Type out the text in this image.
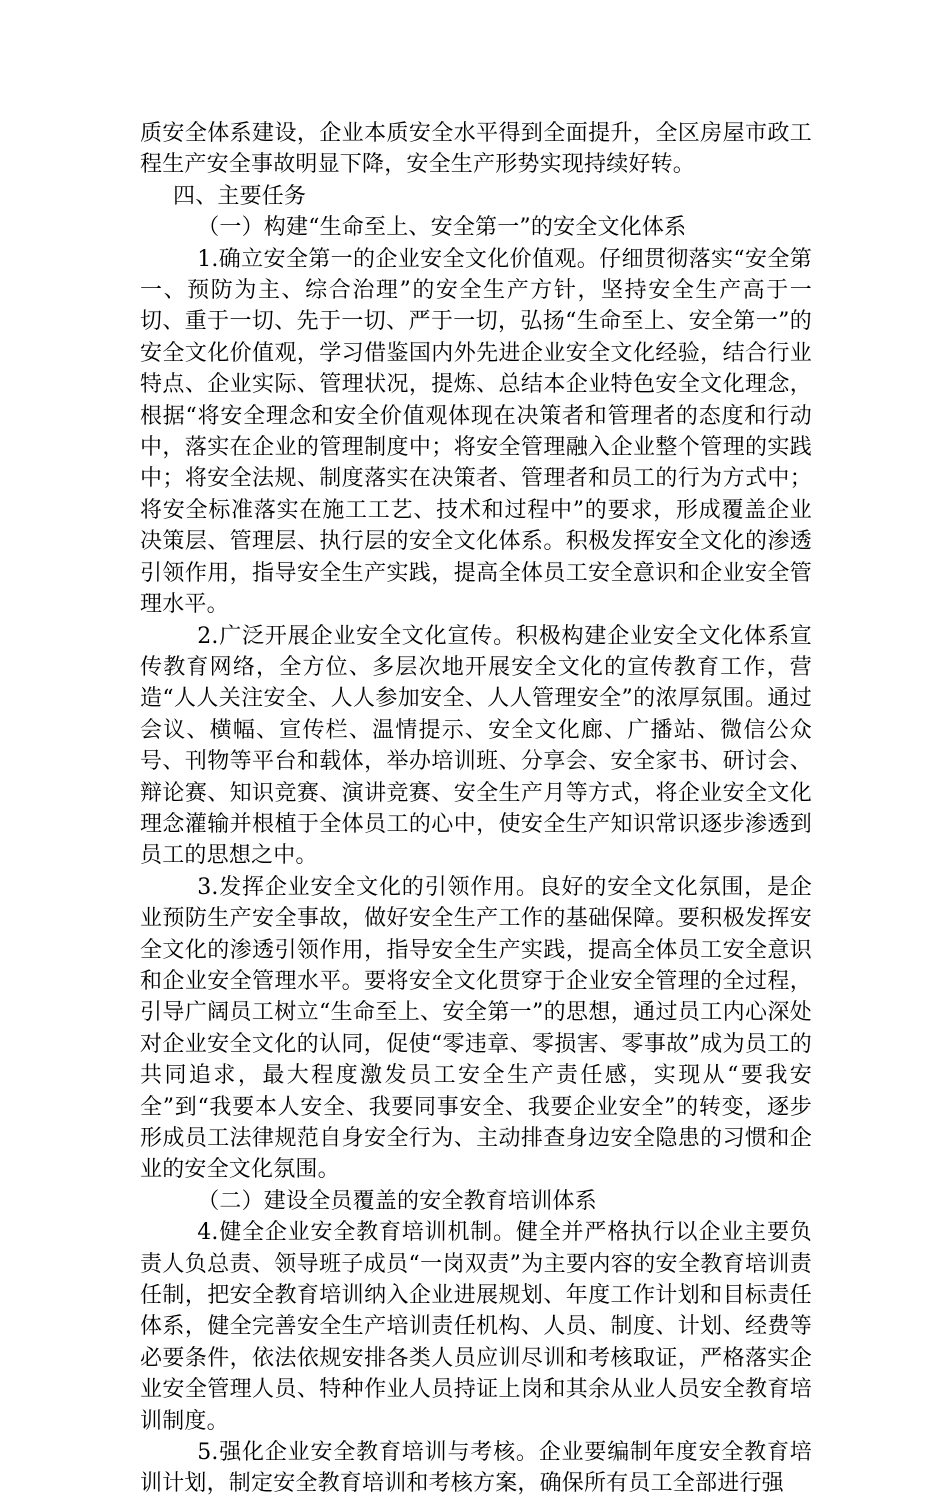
质安全体系建设，企业本质安全水平得到全面提升，全区房屋市政工程生产安全事故明显下降，安全生产形势实现持续好转。

四、主要任务

（一）构建“生命至上、安全第一”的安全文化体系

1.确立安全第一的企业安全文化价值观。仔细贯彻落实“安全第一、预防为主、综合治理”的安全生产方针，坚持安全生产高于一切、重于一切、先于一切、严于一切，弘扬“生命至上、安全第一”的安全文化价值观，学习借鉴国内外先进企业安全文化经验，结合行业特点、企业实际、管理状况，提炼、总结本企业特色安全文化理念，根据“将安全理念和安全价值观体现在决策者和管理者的态度和行动中，落实在企业的管理制度中；将安全管理融入企业整个管理的实践中；将安全法规、制度落实在决策者、管理者和员工的行为方式中；将安全标准落实在施工工艺、技术和过程中”的要求，形成覆盖企业决策层、管理层、执行层的安全文化体系。积极发挥安全文化的渗透引领作用，指导安全生产实践，提高全体员工安全意识和企业安全管理水平。

2.广泛开展企业安全文化宣传。积极构建企业安全文化体系宣传教育网络，全方位、多层次地开展安全文化的宣传教育工作，营造“人人关注安全、人人参加安全、人人管理安全”的浓厚氛围。通过会议、横幅、宣传栏、温情提示、安全文化廊、广播站、微信公众号、刊物等平台和载体，举办培训班、分享会、安全家书、研讨会、辩论赛、知识竞赛、演讲竞赛、安全生产月等方式，将企业安全文化理念灌输并根植于全体员工的心中，使安全生产知识常识逐步渗透到员工的思想之中。

3.发挥企业安全文化的引领作用。良好的安全文化氛围，是企业预防生产安全事故，做好安全生产工作的基础保障。要积极发挥安全文化的渗透引领作用，指导安全生产实践，提高全体员工安全意识和企业安全管理水平。要将安全文化贯穿于企业安全管理的全过程，引导广阔员工树立“生命至上、安全第一”的思想，通过员工内心深处对企业安全文化的认同，促使“零违章、零损害、零事故”成为员工的共同追求，最大程度激发员工安全生产责任感，实现从“要我安全”到“我要本人安全、我要同事安全、我要企业安全”的转变，逐步形成员工法律规范自身安全行为、主动排查身边安全隐患的习惯和企业的安全文化氛围。

（二）建设全员覆盖的安全教育培训体系

4.健全企业安全教育培训机制。健全并严格执行以企业主要负责人负总责、领导班子成员“一岗双责”为主要内容的安全教育培训责任制，把安全教育培训纳入企业进展规划、年度工作计划和目标责任体系，健全完善安全生产培训责任机构、人员、制度、计划、经费等必要条件，依法依规安排各类人员应训尽训和考核取证，严格落实企业安全管理人员、特种作业人员持证上岗和其余从业人员安全教育培训制度。

5.强化企业安全教育培训与考核。企业要编制年度安全教育培训计划，制定安全教育培训和考核方案，确保所有员工全部进行强
